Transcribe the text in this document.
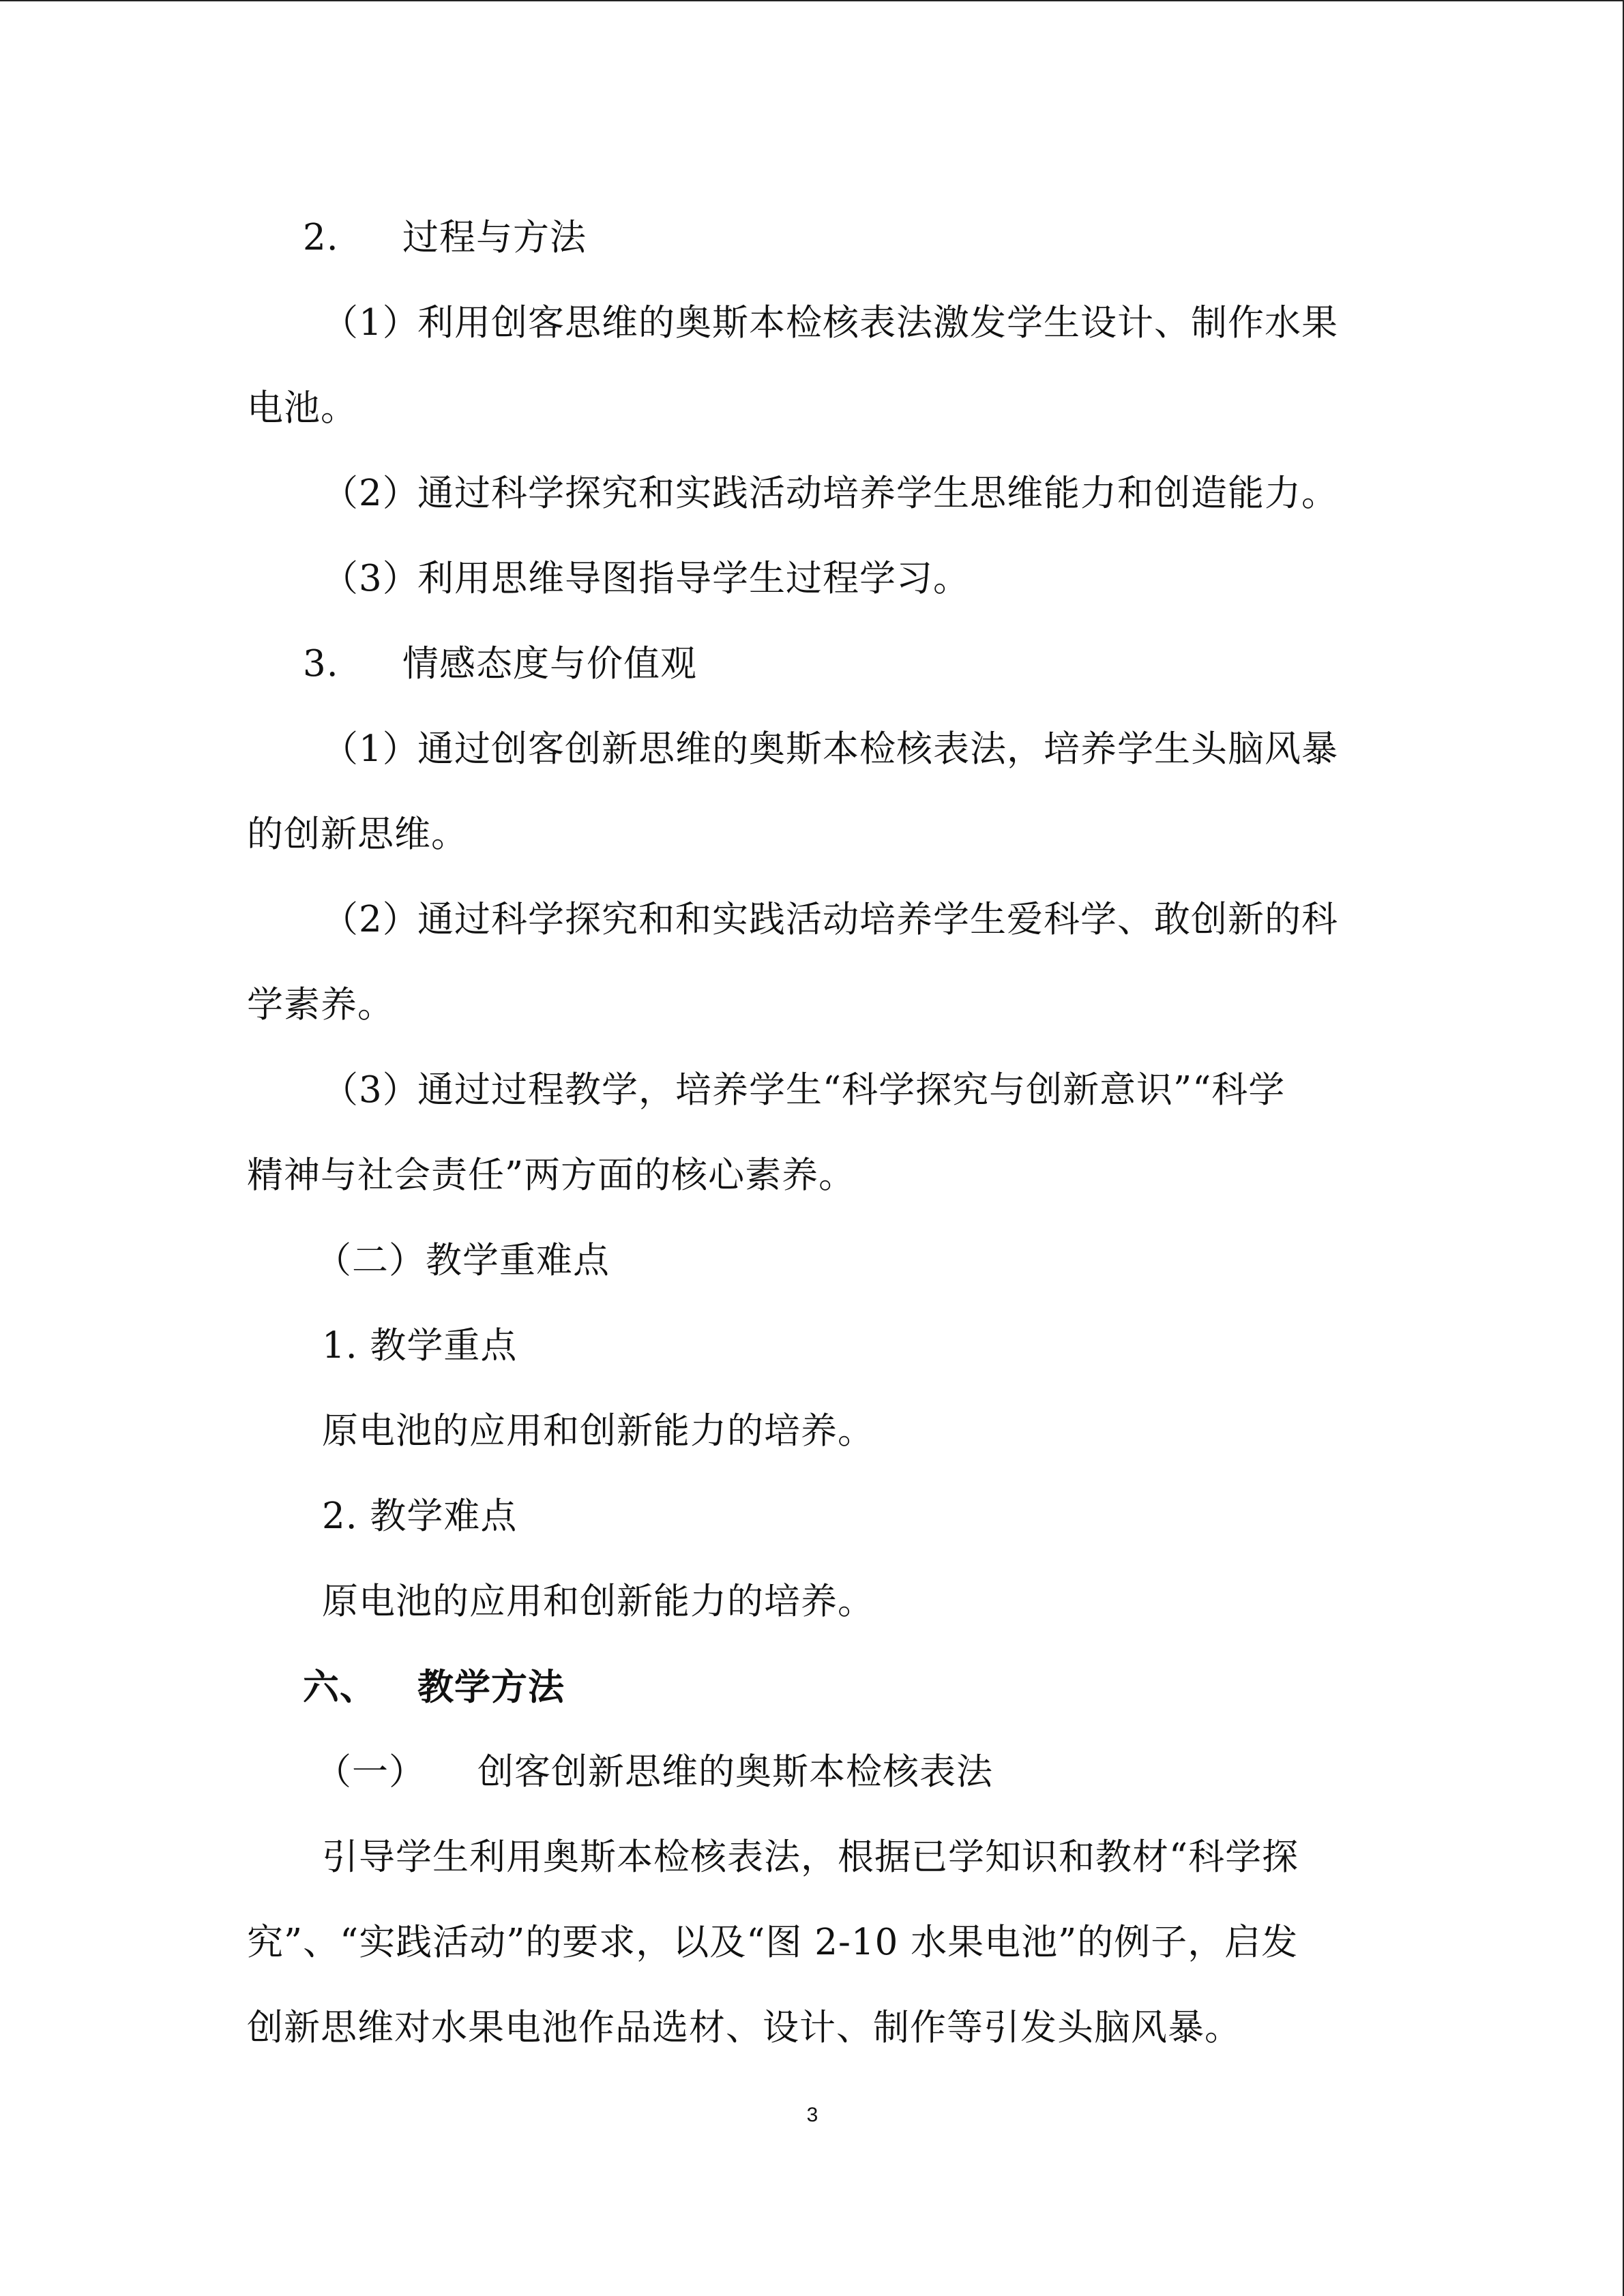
2. 过程与方法
（1）利用创客思维的奥斯本检核表法激发学生设计、制作水果
电池。
（2）通过科学探究和实践活动培养学生思维能力和创造能力。
（3）利用思维导图指导学生过程学习。
3. 情感态度与价值观
（1）通过创客创新思维的奥斯本检核表法，培养学生头脑风暴
的创新思维。
（2）通过科学探究和和实践活动培养学生爱科学、敢创新的科
学素养。
（3）通过过程教学，培养学生“科学探究与创新意识”“科学
精神与社会责任”两方面的核心素养。
（二）教学重难点
1. 教学重点
原电池的应用和创新能力的培养。
2. 教学难点
原电池的应用和创新能力的培养。
六、 教学方法
（一） 创客创新思维的奥斯本检核表法
引导学生利用奥斯本检核表法，根据已学知识和教材“科学探
究”、“实践活动”的要求，以及“图 2-10 水果电池”的例子，启发
创新思维对水果电池作品选材、设计、制作等引发头脑风暴。
3
